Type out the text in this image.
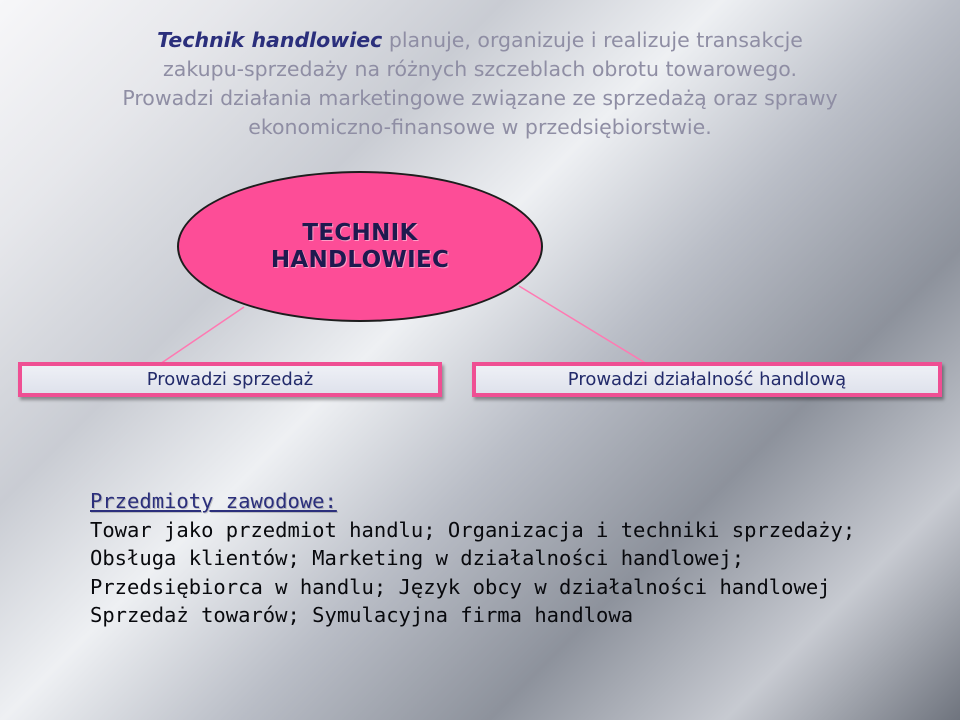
Technik handlowiec planuje, organizuje i realizuje transakcje
zakupu-sprzedaży na różnych szczeblach obrotu towarowego.
Prowadzi działania marketingowe związane ze sprzedażą oraz sprawy
ekonomiczno-finansowe w przedsiębiorstwie.
TECHNIK
HANDLOWIEC
Prowadzi sprzedaż	Prowadzi działalność handlową
Przedmioty zawodowe:
Towar jako przedmiot handlu; Organizacja i techniki sprzedaży;
Obsługa klientów; Marketing w działalności handlowej;
Przedsiębiorca w handlu; Język obcy w działalności handlowej
Sprzedaż towarów; Symulacyjna firma handlowa
